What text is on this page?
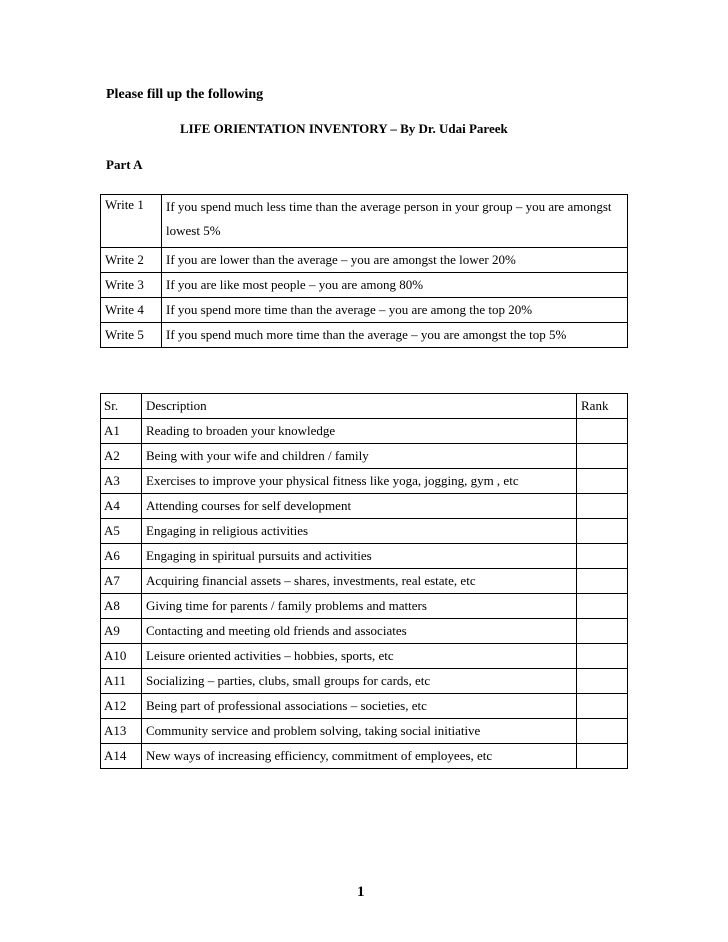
Please fill up the following
LIFE ORIENTATION INVENTORY – By Dr. Udai Pareek
Part A
Write 1	If you spend much less time than the average person in your group – you are amongst lowest 5%
Write 2	If you are lower than the average – you are amongst the lower 20%
Write 3	If you are like most people – you are among 80%
Write 4	If you spend more time than the average – you are among the top 20%
Write 5	If you spend much more time than the average – you are amongst the top 5%
Sr.	Description	Rank
A1	Reading to broaden your knowledge	
A2	Being with your wife and children / family	
A3	Exercises to improve your physical fitness like yoga, jogging, gym , etc	
A4	Attending courses for self development	
A5	Engaging in religious activities	
A6	Engaging in spiritual pursuits and activities	
A7	Acquiring financial assets – shares, investments, real estate, etc	
A8	Giving time for parents / family problems and matters	
A9	Contacting and meeting old friends and associates	
A10	Leisure oriented activities – hobbies, sports, etc	
A11	Socializing – parties, clubs, small groups for cards, etc	
A12	Being part of professional associations – societies, etc	
A13	Community service and problem solving, taking social initiative	
A14	New ways of increasing efficiency, commitment of employees, etc	
1
